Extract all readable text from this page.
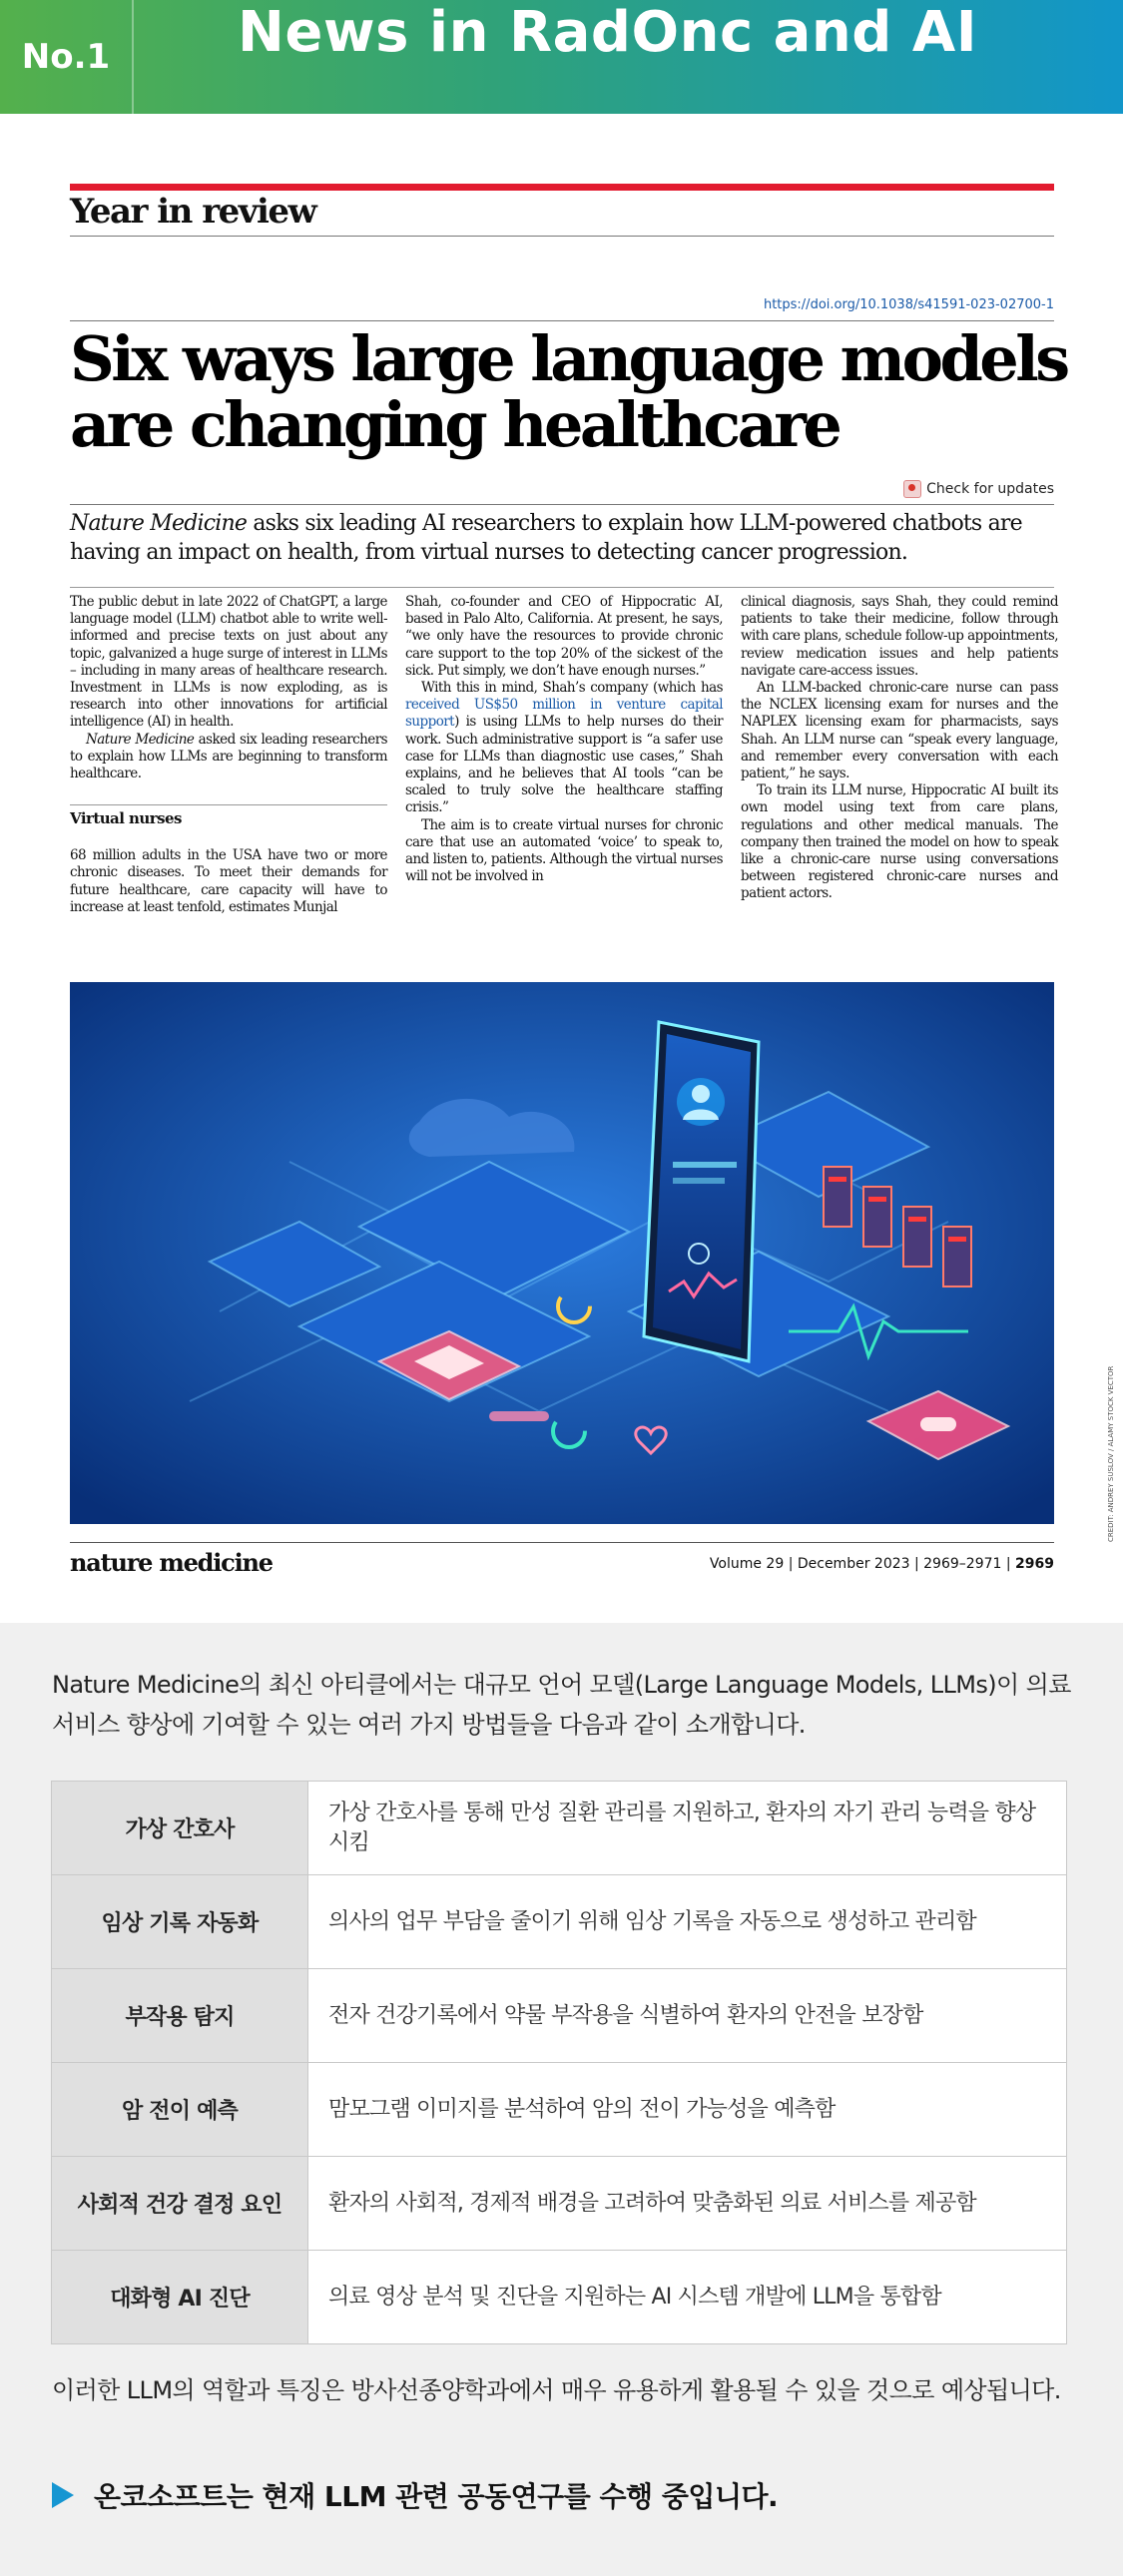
No.1	News in RadOnc and AI
Year in review
https://doi.org/10.1038/s41591-023-02700-1
Six ways large language models
are changing healthcare
Check for updates
Nature Medicine asks six leading AI researchers to explain how LLM-powered chatbots are having an impact on health, from virtual nurses to detecting cancer progression.

The public debut in late 2022 of ChatGPT, a large language model (LLM) chatbot able to write well-informed and precise texts on just about any topic, galvanized a huge surge of interest in LLMs – including in many areas of healthcare research. Investment in LLMs is now exploding, as is research into other innovations for artificial intelligence (AI) in health.

Nature Medicine asked six leading researchers to explain how LLMs are beginning to transform healthcare.

Virtual nurses

68 million adults in the USA have two or more chronic diseases. To meet their demands for future healthcare, care capacity will have to increase at least tenfold, estimates Munjal

Shah, co-founder and CEO of Hippocratic AI, based in Palo Alto, California. At present, he says, “we only have the resources to provide chronic care support to the top 20% of the sickest of the sick. Put simply, we don’t have enough nurses.”

With this in mind, Shah’s company (which has received US$50 million in venture capital support) is using LLMs to help nurses do their work. Such administrative support is “a safer use case for LLMs than diagnostic use cases,” Shah explains, and he believes that AI tools “can be scaled to truly solve the healthcare staffing crisis.”

The aim is to create virtual nurses for chronic care that use an automated ‘voice’ to speak to, and listen to, patients. Although the virtual nurses will not be involved in

clinical diagnosis, says Shah, they could remind patients to take their medicine, follow through with care plans, schedule follow-up appointments, review medication issues and help patients navigate care-access issues.

An LLM-backed chronic-care nurse can pass the NCLEX licensing exam for nurses and the NAPLEX licensing exam for pharmacists, says Shah. An LLM nurse can “speak every language, and remember every conversation with each patient,” he says.

To train its LLM nurse, Hippocratic AI built its own model using text from care plans, regulations and other medical manuals. The company then trained the model on how to speak like a chronic-care nurse using conversations between registered chronic-care nurses and patient actors.

CREDIT: ANDREY SUSLOV / ALAMY STOCK VECTOR
nature medicine	Volume 29 | December 2023 | 2969–2971 | 2969
Nature Medicine의 최신 아티클에서는 대규모 언어 모델(Large Language Models, LLMs)이 의료 서비스 향상에 기여할 수 있는 여러 가지 방법들을 다음과 같이 소개합니다.
가상 간호사	가상 간호사를 통해 만성 질환 관리를 지원하고, 환자의 자기 관리 능력을 향상시킴
임상 기록 자동화	의사의 업무 부담을 줄이기 위해 임상 기록을 자동으로 생성하고 관리함
부작용 탐지	전자 건강기록에서 약물 부작용을 식별하여 환자의 안전을 보장함
암 전이 예측	맘모그램 이미지를 분석하여 암의 전이 가능성을 예측함
사회적 건강 결정 요인	환자의 사회적, 경제적 배경을 고려하여 맞춤화된 의료 서비스를 제공함
대화형 AI 진단	의료 영상 분석 및 진단을 지원하는 AI 시스템 개발에 LLM을 통합함
이러한 LLM의 역할과 특징은 방사선종양학과에서 매우 유용하게 활용될 수 있을 것으로 예상됩니다.
온코소프트는 현재 LLM 관련 공동연구를 수행 중입니다.
